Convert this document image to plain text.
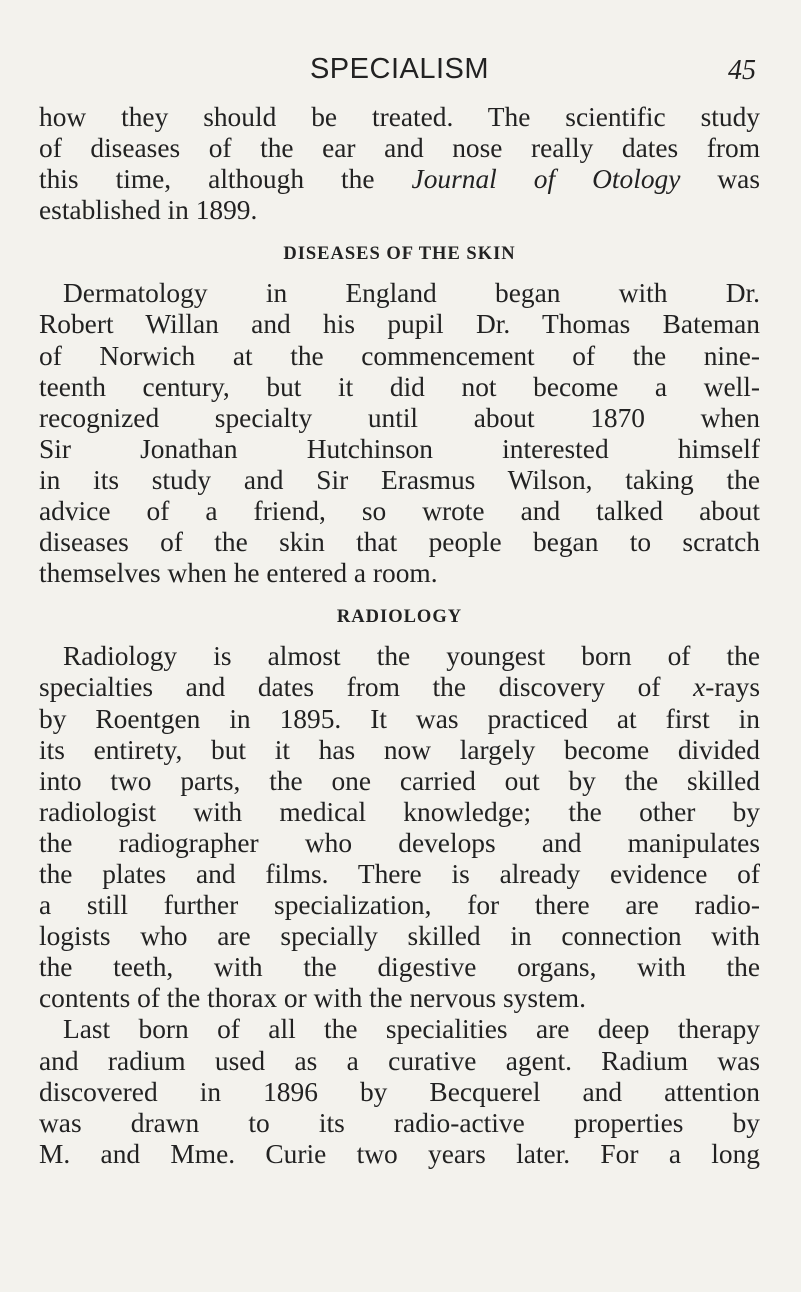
SPECIALISM	45

how they should be treated. The scientific study
of diseases of the ear and nose really dates from
this time, although the Journal of Otology was
established in 1899.

DISEASES OF THE SKIN

Dermatology in England began with Dr.
Robert Willan and his pupil Dr. Thomas Bateman
of Norwich at the commencement of the nine-
teenth century, but it did not become a well-
recognized specialty until about 1870 when
Sir Jonathan Hutchinson interested himself
in its study and Sir Erasmus Wilson, taking the
advice of a friend, so wrote and talked about
diseases of the skin that people began to scratch
themselves when he entered a room.

RADIOLOGY

Radiology is almost the youngest born of the
specialties and dates from the discovery of x-rays
by Roentgen in 1895. It was practiced at first in
its entirety, but it has now largely become divided
into two parts, the one carried out by the skilled
radiologist with medical knowledge; the other by
the radiographer who develops and manipulates
the plates and films. There is already evidence of
a still further specialization, for there are radio-
logists who are specially skilled in connection with
the teeth, with the digestive organs, with the
contents of the thorax or with the nervous system.

Last born of all the specialities are deep therapy
and radium used as a curative agent. Radium was
discovered in 1896 by Becquerel and attention
was drawn to its radio-active properties by
M. and Mme. Curie two years later. For a long
